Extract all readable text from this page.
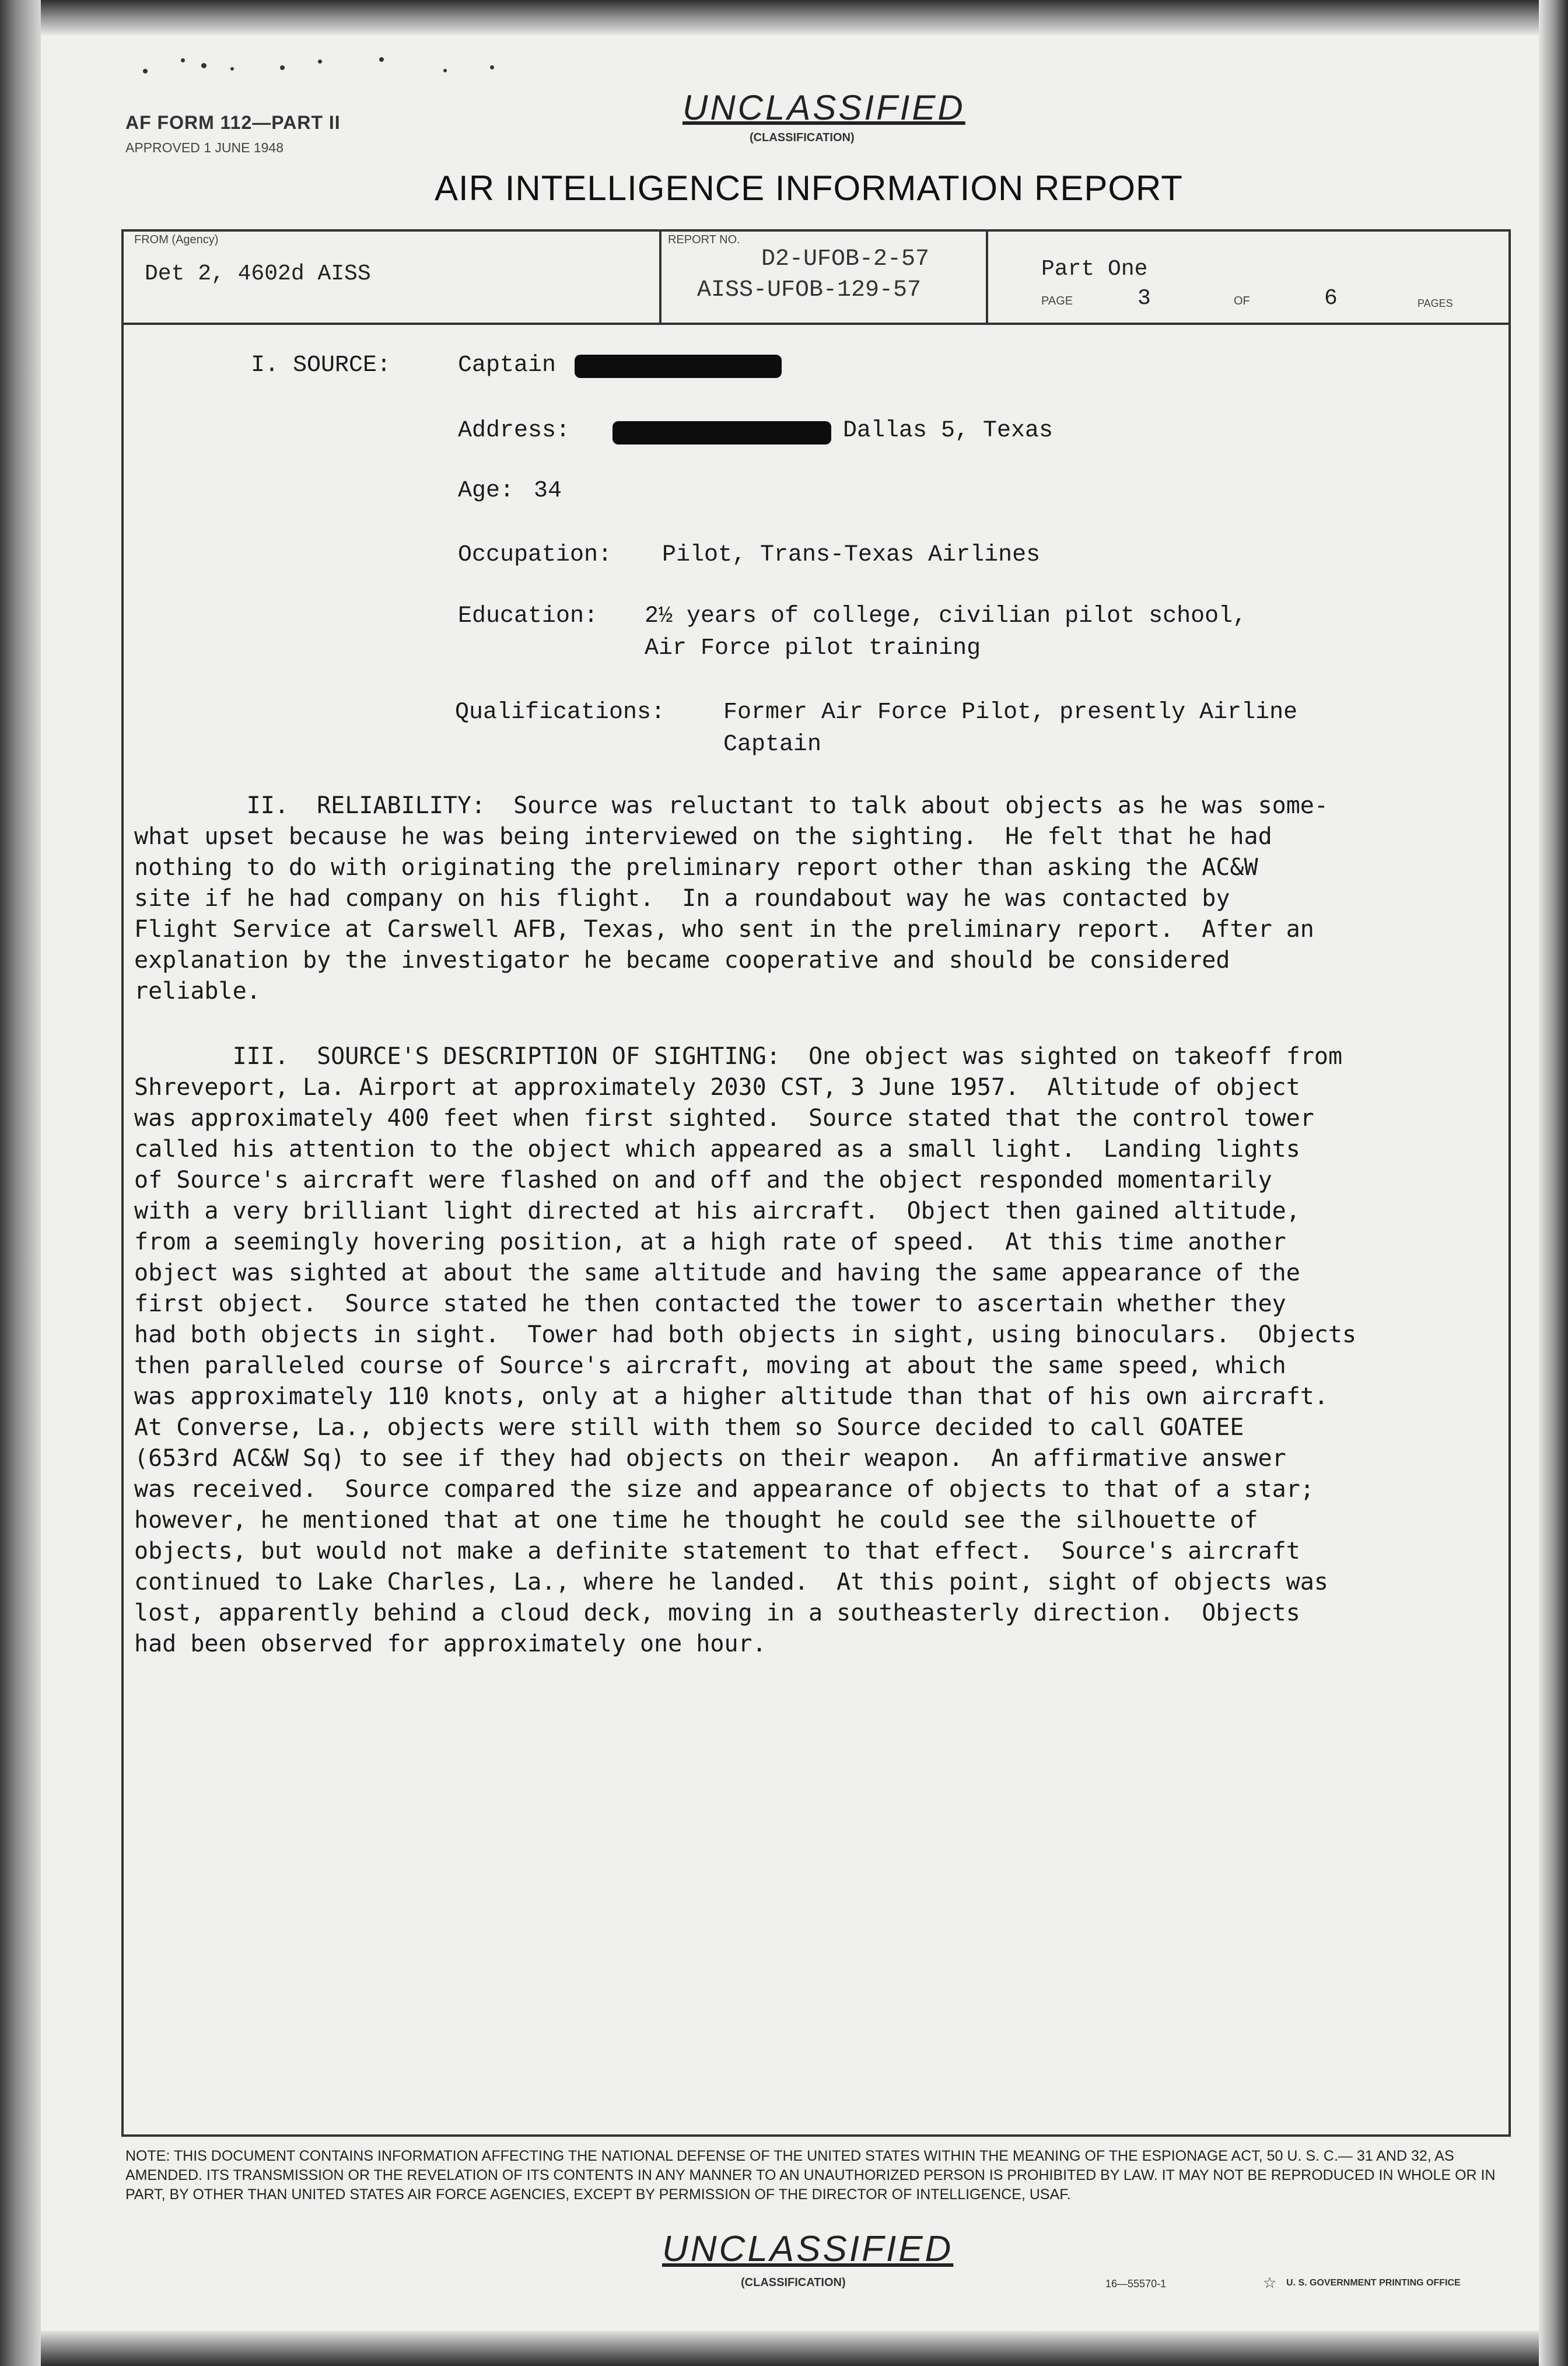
AF FORM 112—PART II
APPROVED 1 JUNE 1948
UNCLASSIFIED
(CLASSIFICATION)
AIR INTELLIGENCE INFORMATION REPORT
FROM (Agency)
Det 2, 4602d AISS
REPORT NO.
D2-UFOB-2-57
AISS-UFOB-129-57
Part One
PAGE	3	OF	6	PAGES
I. SOURCE:	Captain
Address:	Dallas 5, Texas
Age: 34
Occupation: Pilot, Trans-Texas Airlines
Education: 2½ years of college, civilian pilot school,
Air Force pilot training
Qualifications: Former Air Force Pilot, presently Airline
Captain
II.  RELIABILITY:  Source was reluctant to talk about objects as he was some-
what upset because he was being interviewed on the sighting.  He felt that he had
nothing to do with originating the preliminary report other than asking the AC&W
site if he had company on his flight.  In a roundabout way he was contacted by
Flight Service at Carswell AFB, Texas, who sent in the preliminary report.  After an
explanation by the investigator he became cooperative and should be considered
reliable.
III.  SOURCE'S DESCRIPTION OF SIGHTING:  One object was sighted on takeoff from
Shreveport, La. Airport at approximately 2030 CST, 3 June 1957.  Altitude of object
was approximately 400 feet when first sighted.  Source stated that the control tower
called his attention to the object which appeared as a small light.  Landing lights
of Source's aircraft were flashed on and off and the object responded momentarily
with a very brilliant light directed at his aircraft.  Object then gained altitude,
from a seemingly hovering position, at a high rate of speed.  At this time another
object was sighted at about the same altitude and having the same appearance of the
first object.  Source stated he then contacted the tower to ascertain whether they
had both objects in sight.  Tower had both objects in sight, using binoculars.  Objects
then paralleled course of Source's aircraft, moving at about the same speed, which
was approximately 110 knots, only at a higher altitude than that of his own aircraft.
At Converse, La., objects were still with them so Source decided to call GOATEE
(653rd AC&W Sq) to see if they had objects on their weapon.  An affirmative answer
was received.  Source compared the size and appearance of objects to that of a star;
however, he mentioned that at one time he thought he could see the silhouette of
objects, but would not make a definite statement to that effect.  Source's aircraft
continued to Lake Charles, La., where he landed.  At this point, sight of objects was
lost, apparently behind a cloud deck, moving in a southeasterly direction.  Objects
had been observed for approximately one hour.

NOTE: THIS DOCUMENT CONTAINS INFORMATION AFFECTING THE NATIONAL DEFENSE OF THE UNITED STATES WITHIN THE MEANING OF THE ESPIONAGE ACT, 50 U. S. C.— 31 AND 32, AS AMENDED. ITS TRANSMISSION OR THE REVELATION OF ITS CONTENTS IN ANY MANNER TO AN UNAUTHORIZED PERSON IS PROHIBITED BY LAW. IT MAY NOT BE REPRODUCED IN WHOLE OR IN PART, BY OTHER THAN UNITED STATES AIR FORCE AGENCIES, EXCEPT BY PERMISSION OF THE DIRECTOR OF INTELLIGENCE, USAF.

UNCLASSIFIED
(CLASSIFICATION)	16—55570-1	☆ U. S. GOVERNMENT PRINTING OFFICE
